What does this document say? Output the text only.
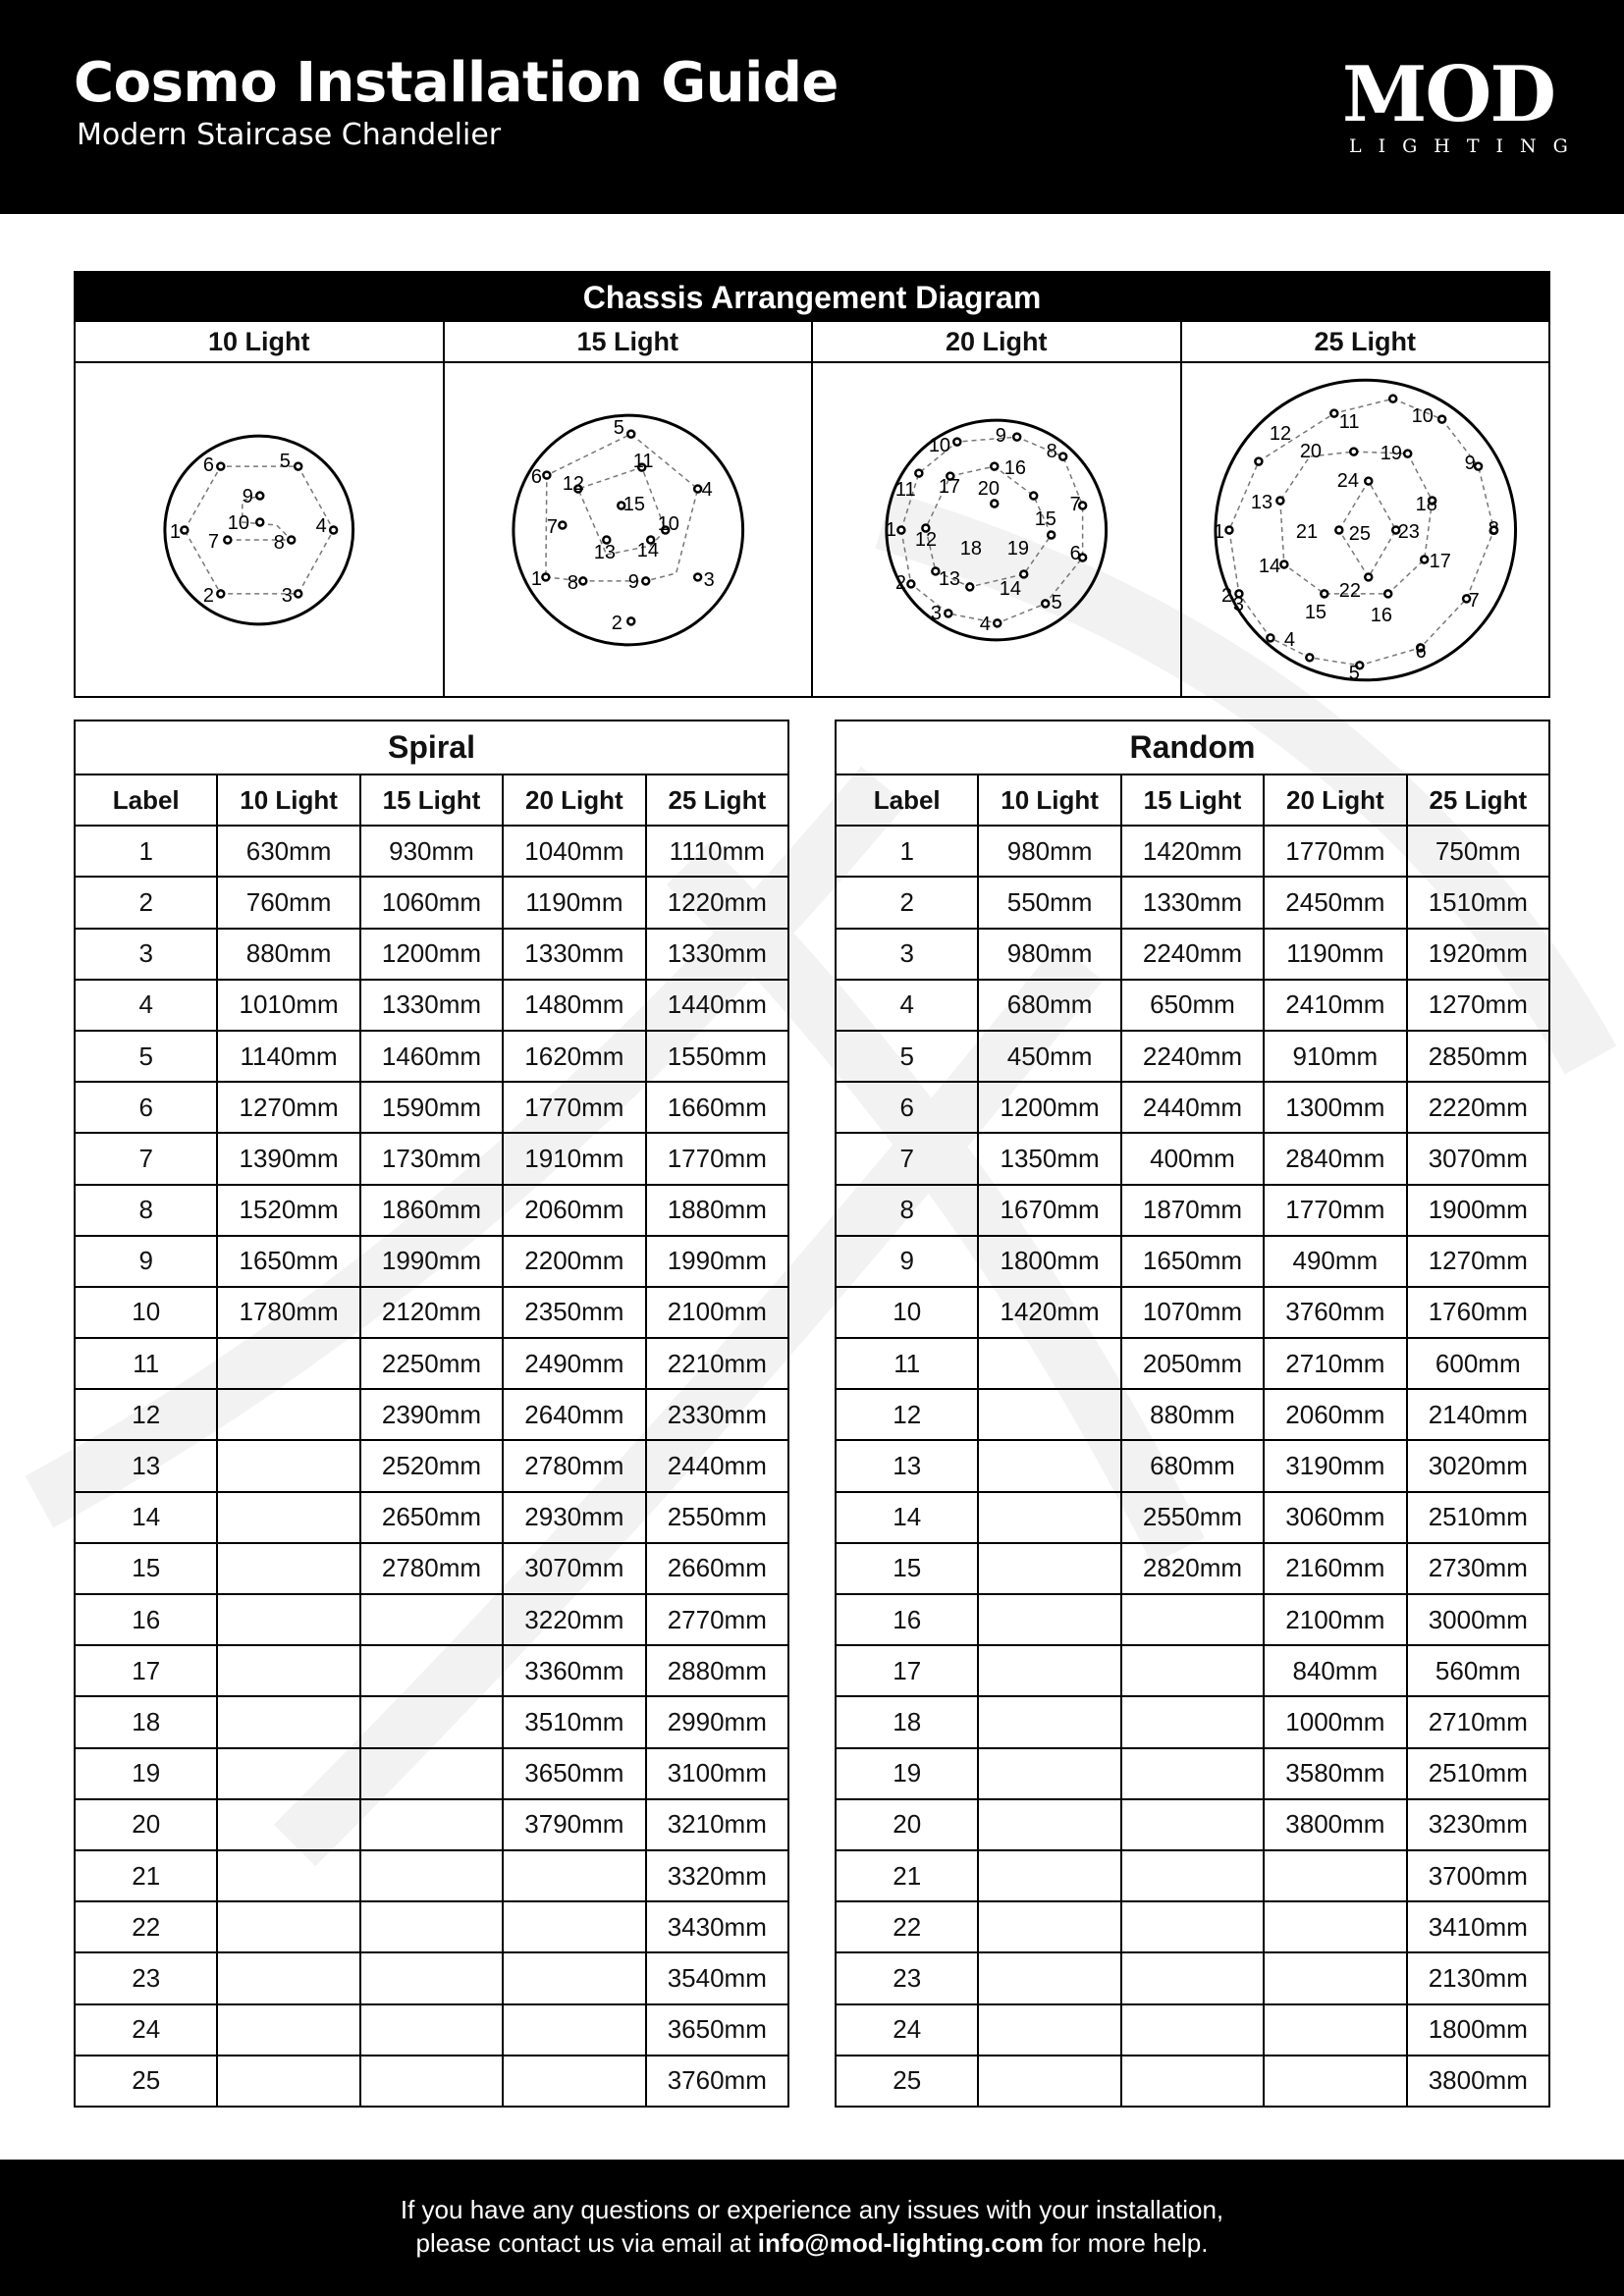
Cosmo Installation Guide
Modern Staircase Chandelier	MOD
LIGHTING
Chassis Arrangement Diagram
10 Light	15 Light	20 Light	25 Light
1
2	3
4
5
6
7	8
9
10
1
2
3
4
5
6
7
8	9
10
11
12
13 14
15
1
2
3 4
5
6
7
8
9
10
11
12
13 14
15
16
17
18 19
20
1
2 3
4
5
6
7
8
9
10
11
12
13
14
15 16
17
18
19
20
21
22
23
24
25
Spiral				
Label	10 Light	15 Light	20 Light	25 Light
1	630mm	930mm	1040mm	1110mm
2	760mm	1060mm	1190mm	1220mm
3	880mm	1200mm	1330mm	1330mm
4	1010mm	1330mm	1480mm	1440mm
5	1140mm	1460mm	1620mm	1550mm
6	1270mm	1590mm	1770mm	1660mm
7	1390mm	1730mm	1910mm	1770mm
8	1520mm	1860mm	2060mm	1880mm
9	1650mm	1990mm	2200mm	1990mm
10	1780mm	2120mm	2350mm	2100mm
11		2250mm	2490mm	2210mm
12		2390mm	2640mm	2330mm
13		2520mm	2780mm	2440mm
14		2650mm	2930mm	2550mm
15		2780mm	3070mm	2660mm
16			3220mm	2770mm
17			3360mm	2880mm
18			3510mm	2990mm
19			3650mm	3100mm
20			3790mm	3210mm
21				3320mm
22				3430mm
23				3540mm
24				3650mm
25				3760mm
Random				
Label	10 Light	15 Light	20 Light	25 Light
1	980mm	1420mm	1770mm	750mm
2	550mm	1330mm	2450mm	1510mm
3	980mm	2240mm	1190mm	1920mm
4	680mm	650mm	2410mm	1270mm
5	450mm	2240mm	910mm	2850mm
6	1200mm	2440mm	1300mm	2220mm
7	1350mm	400mm	2840mm	3070mm
8	1670mm	1870mm	1770mm	1900mm
9	1800mm	1650mm	490mm	1270mm
10	1420mm	1070mm	3760mm	1760mm
11		2050mm	2710mm	600mm
12		880mm	2060mm	2140mm
13		680mm	3190mm	3020mm
14		2550mm	3060mm	2510mm
15		2820mm	2160mm	2730mm
16			2100mm	3000mm
17			840mm	560mm
18			1000mm	2710mm
19			3580mm	2510mm
20			3800mm	3230mm
21				3700mm
22				3410mm
23				2130mm
24				1800mm
25				3800mm
If you have any questions or experience any issues with your installation,
please contact us via email at info@mod-lighting.com for more help.
